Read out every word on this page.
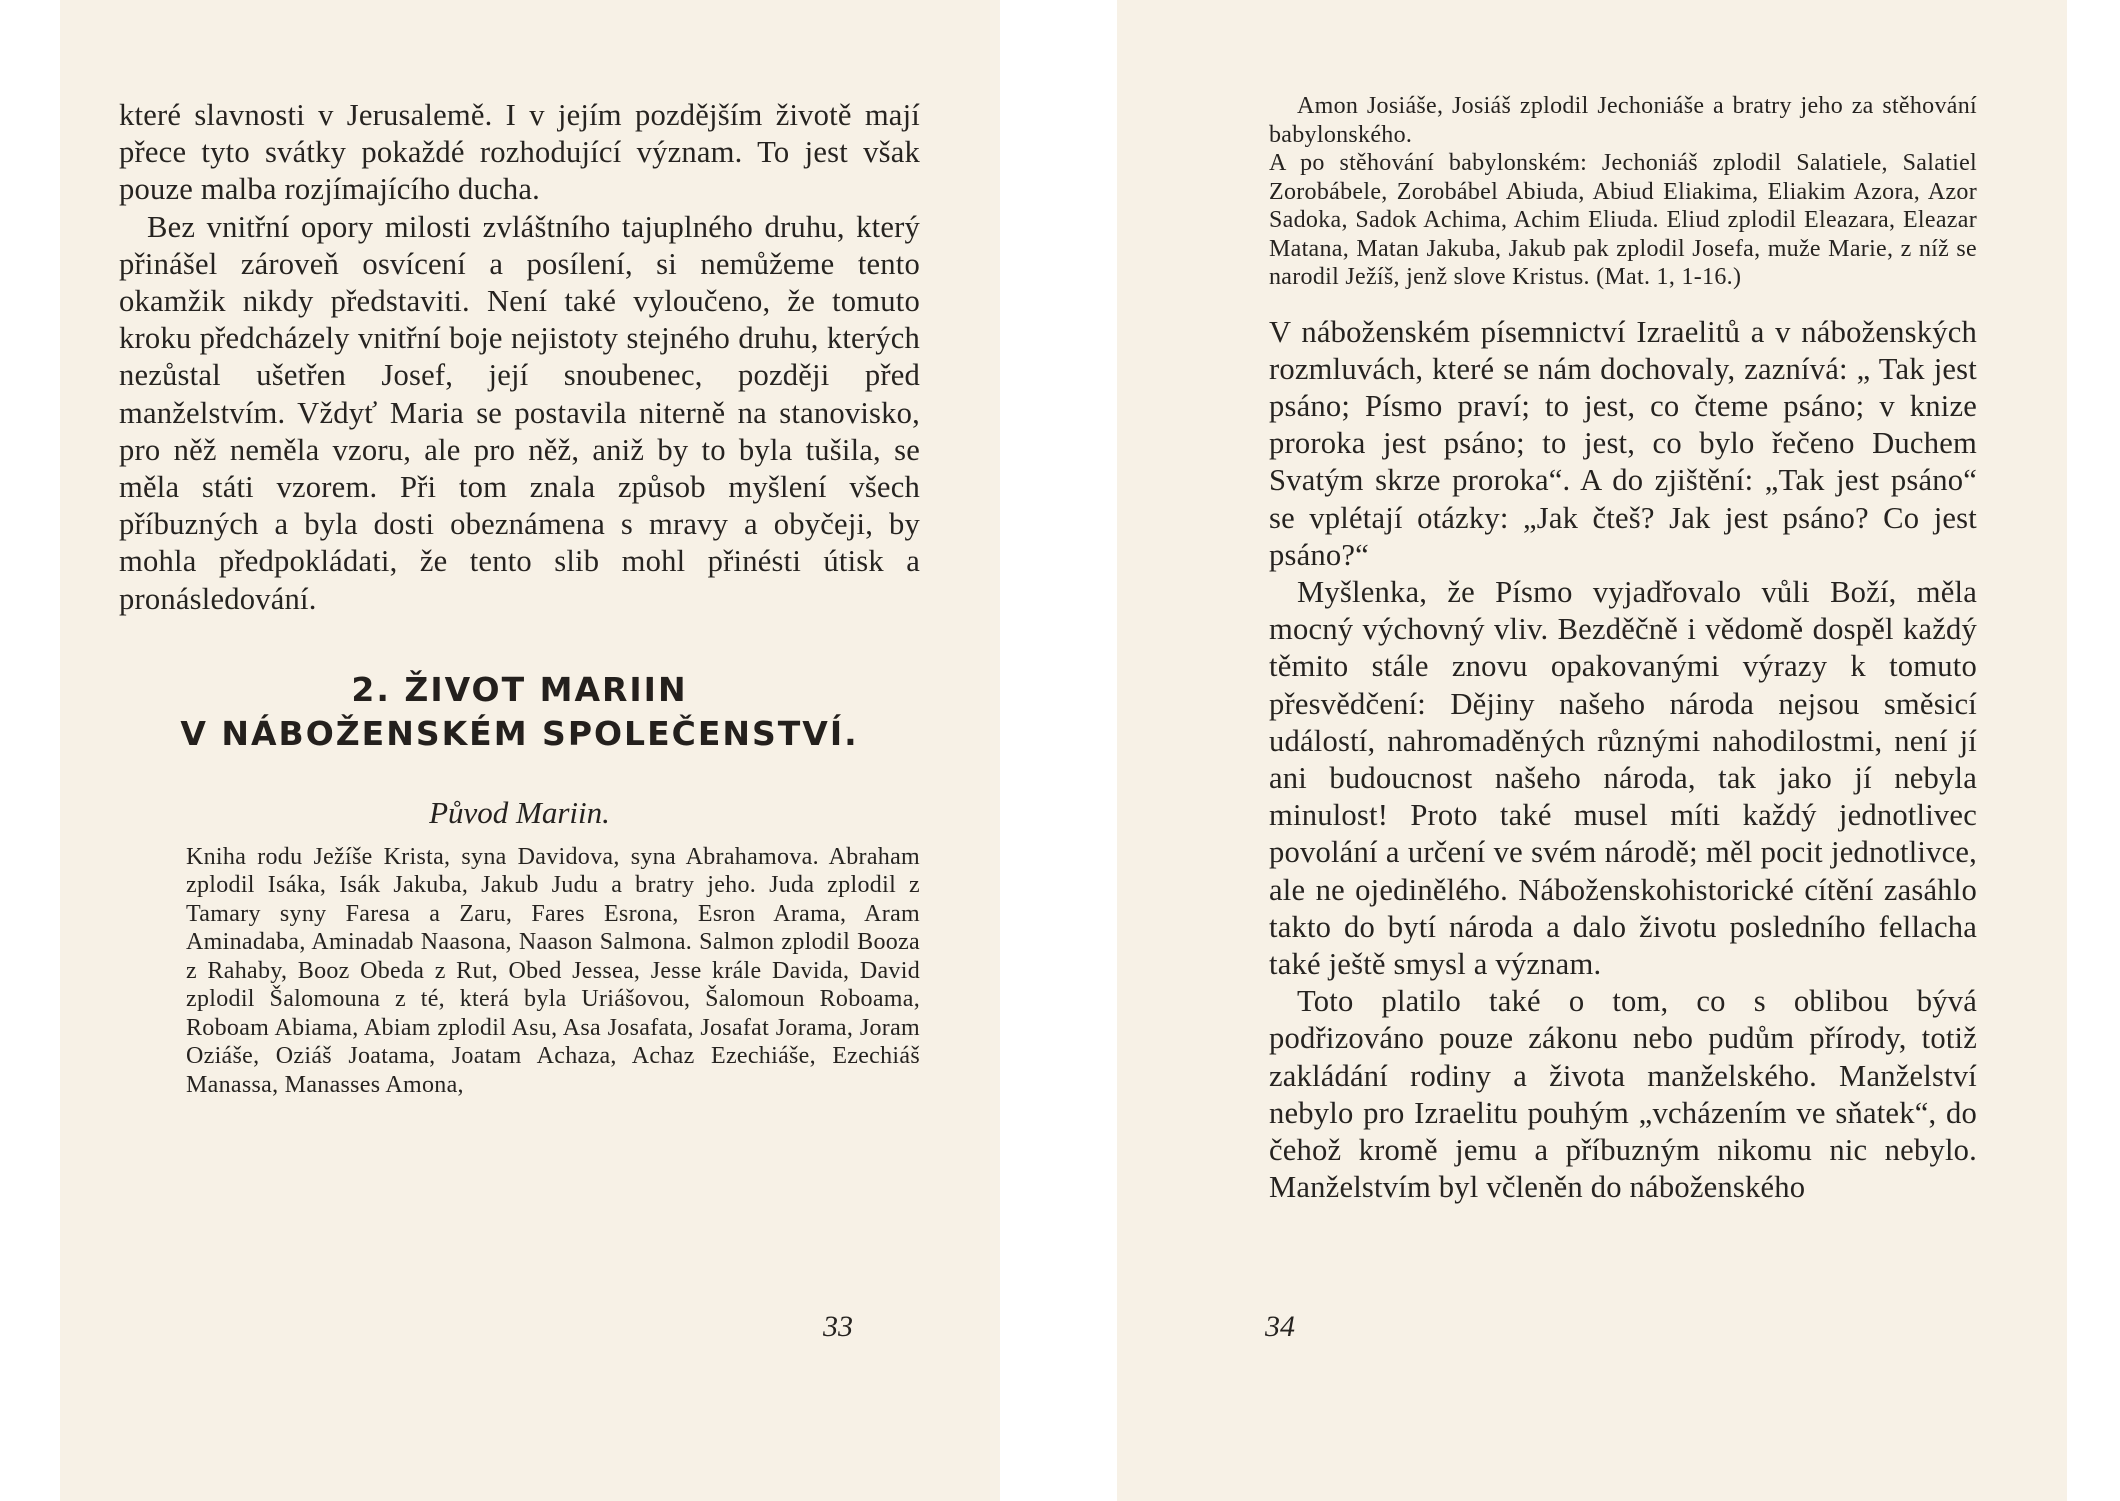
které slavnosti v Jerusalemě. I v jejím pozdějším životě mají přece tyto svátky pokaždé rozhodující význam. To jest však pouze malba rozjímajícího ducha.

Bez vnitřní opory milosti zvláštního tajuplného druhu, který přinášel zároveň osvícení a posílení, si nemůžeme tento okamžik nikdy představiti. Není také vyloučeno, že tomuto kroku předcházely vnitřní boje nejistoty stejného druhu, kterých nezůstal ušetřen Josef, její snoubenec, později před manželstvím. Vždyť Maria se postavila niterně na stanovisko, pro něž neměla vzoru, ale pro něž, aniž by to byla tušila, se měla státi vzorem. Při tom znala způsob myšlení všech příbuzných a byla dosti obeznámena s mravy a obyčeji, by mohla předpokládati, že tento slib mohl přinésti útisk a pronásledování.

2. ŽIVOT MARIIN
V NÁBOŽENSKÉM SPOLEČENSTVÍ.
Původ Mariin.

Kniha rodu Ježíše Krista, syna Davidova, syna Abrahamova. Abraham zplodil Isáka, Isák Jakuba, Jakub Judu a bratry jeho. Juda zplodil z Tamary syny Faresa a Zaru, Fares Esrona, Esron Arama, Aram Aminadaba, Aminadab Naasona, Naason Salmona. Salmon zplodil Booza z Rahaby, Booz Obeda z Rut, Obed Jessea, Jesse krále Davida, David zplodil Šalomouna z té, která byla Uriášovou, Šalomoun Roboama, Roboam Abiama, Abiam zplodil Asu, Asa Josafata, Josafat Jorama, Joram Oziáše, Oziáš Joatama, Joatam Achaza, Achaz Ezechiáše, Ezechiáš Manassa, Manasses Amona,

33

Amon Josiáše, Josiáš zplodil Jechoniáše a bratry jeho za stěhování babylonského.

A po stěhování babylonském: Jechoniáš zplodil Salatiele, Salatiel Zorobábele, Zorobábel Abiuda, Abiud Eliakima, Eliakim Azora, Azor Sadoka, Sadok Achima, Achim Eliuda. Eliud zplodil Eleazara, Eleazar Matana, Matan Jakuba, Jakub pak zplodil Josefa, muže Marie, z níž se narodil Ježíš, jenž slove Kristus. (Mat. 1, 1-16.)

V náboženském písemnictví Izraelitů a v náboženských rozmluvách, které se nám dochovaly, zaznívá: „ Tak jest psáno; Písmo praví; to jest, co čteme psáno; v knize proroka jest psáno; to jest, co bylo řečeno Duchem Svatým skrze proroka“. A do zjištění: „Tak jest psáno“ se vplétají otázky: „Jak čteš? Jak jest psáno? Co jest psáno?“

Myšlenka, že Písmo vyjadřovalo vůli Boží, měla mocný výchovný vliv. Bezděčně i vědomě dospěl každý těmito stále znovu opakovanými výrazy k tomuto přesvědčení: Dějiny našeho národa nejsou směsicí událostí, nahromaděných různými nahodilostmi, není jí ani budoucnost našeho národa, tak jako jí nebyla minulost! Proto také musel míti každý jednotlivec povolání a určení ve svém národě; měl pocit jednotlivce, ale ne ojedinělého. Náboženskohistorické cítění zasáhlo takto do bytí národa a dalo životu posledního fellacha také ještě smysl a význam.

Toto platilo také o tom, co s oblibou bývá podřizováno pouze zákonu nebo pudům přírody, totiž zakládání rodiny a života manželského. Manželství nebylo pro Izraelitu pouhým „vcházením ve sňatek“, do čehož kromě jemu a příbuzným nikomu nic nebylo. Manželstvím byl včleněn do náboženského

34
